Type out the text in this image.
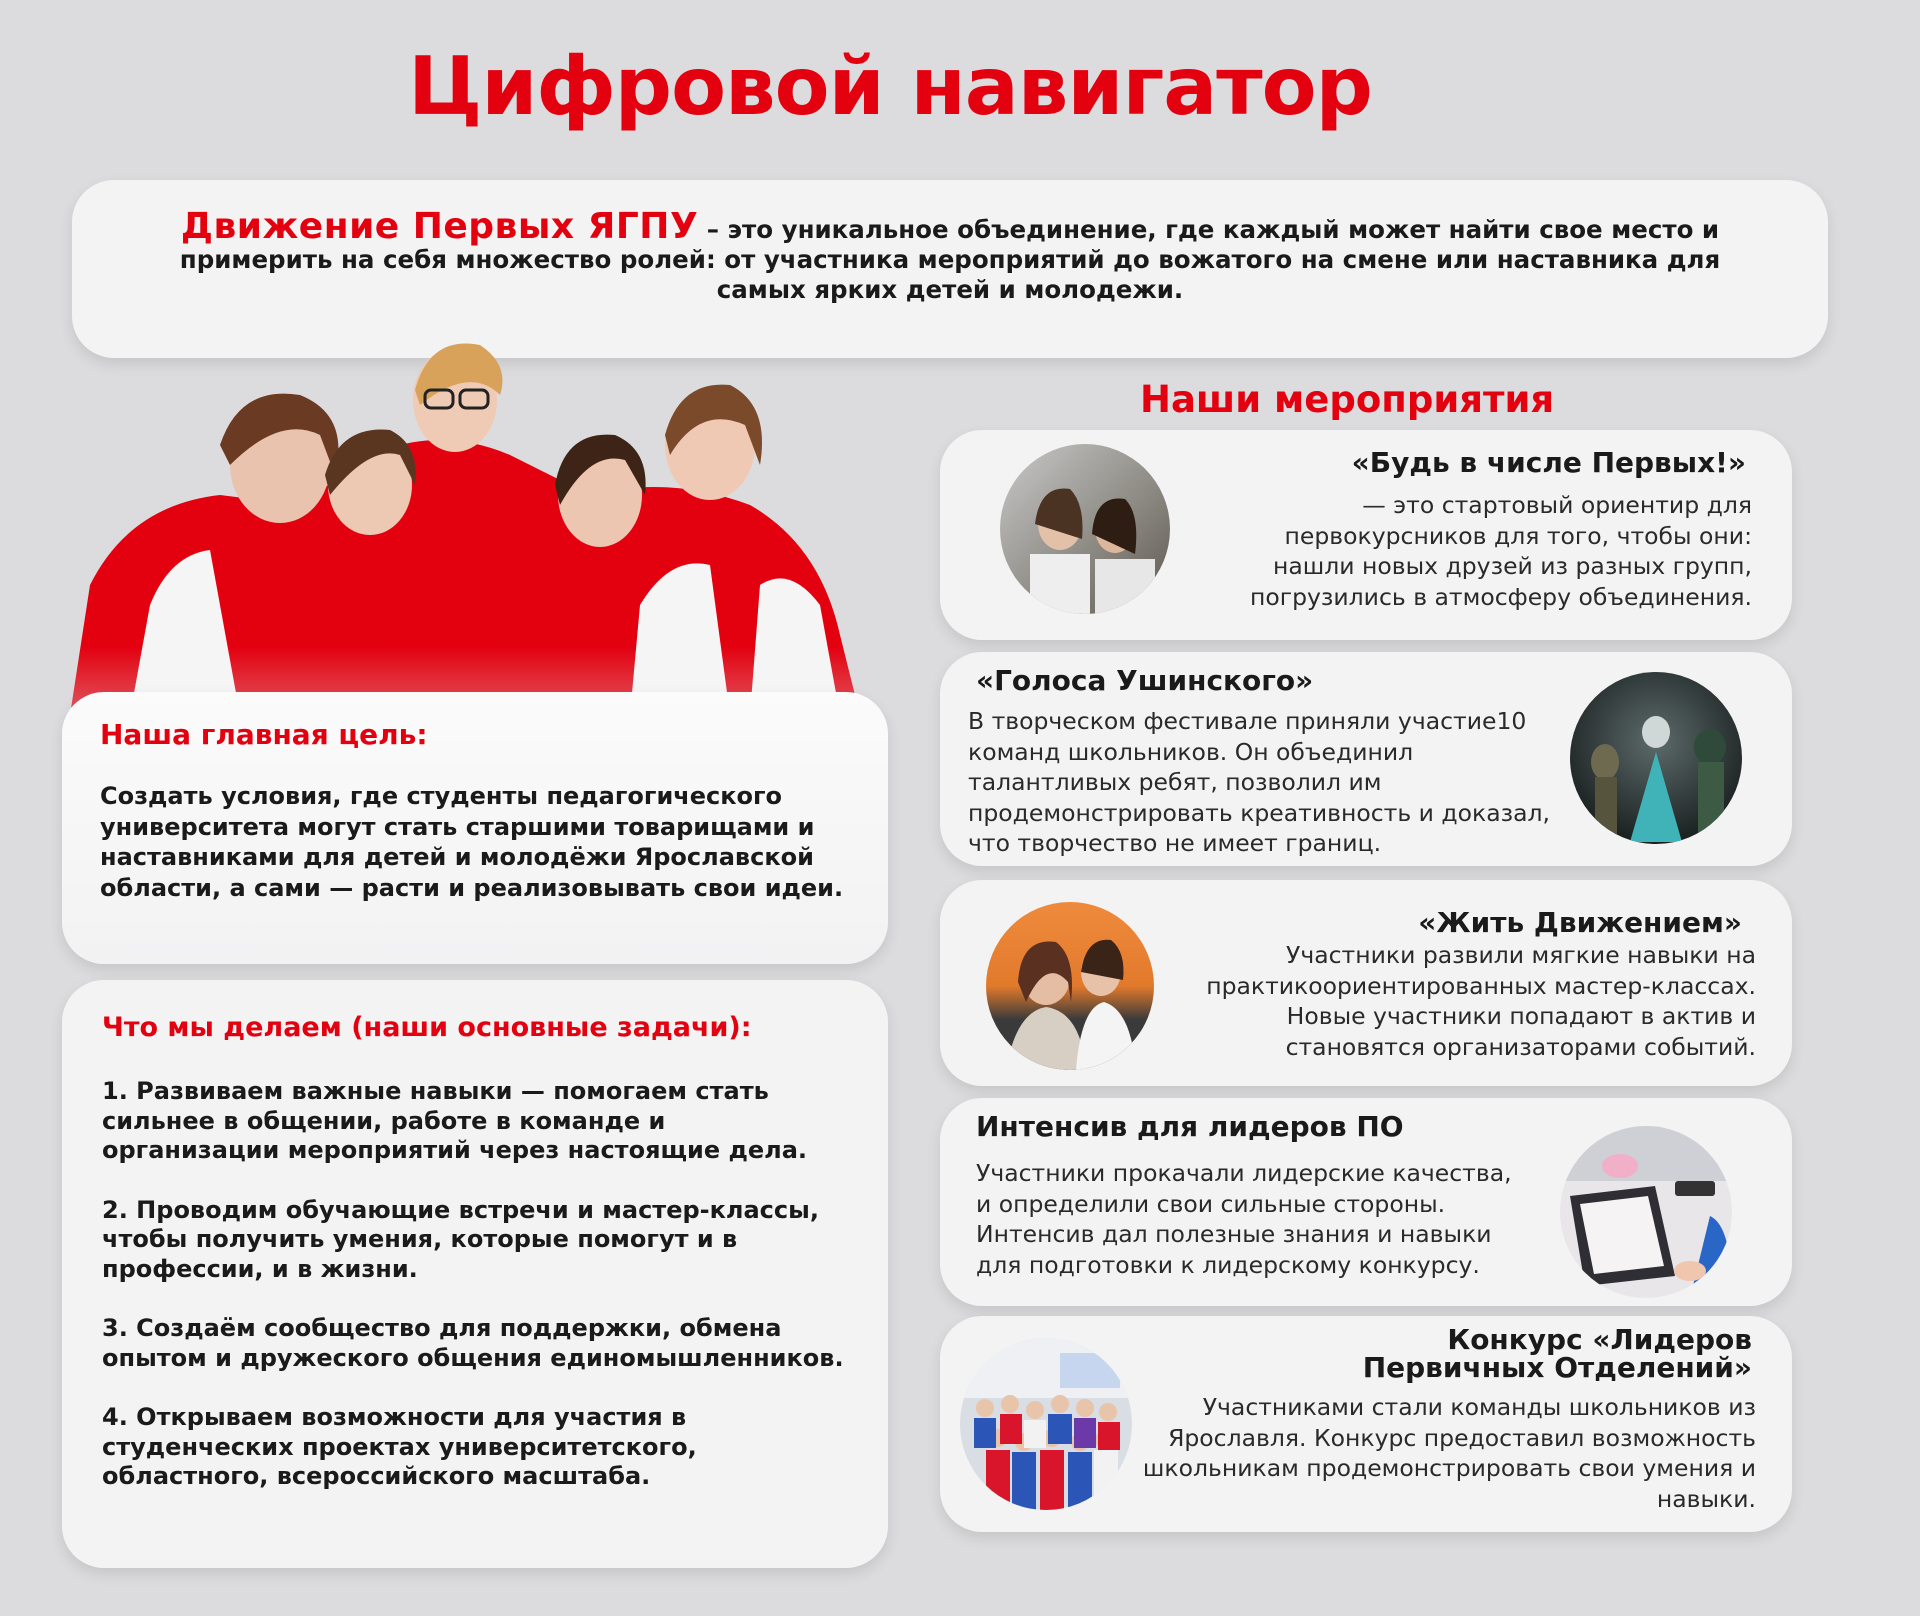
Цифровой навигатор
Движение Первых ЯГПУ – это уникальное объединение, где каждый может найти свое место и примерить на себя множество ролей: от участника мероприятий до вожатого на смене или наставника для самых ярких детей и молодежи.
Наша главная цель:

Создать условия, где студенты педагогического университета могут стать старшими товарищами и наставниками для детей и молодёжи Ярославской области, а сами — расти и реализовывать свои идеи.

Что мы делаем (наши основные задачи):
1. Развиваем важные навыки — помогаем стать сильнее в общении, работе в команде и организации мероприятий через настоящие дела.
2. Проводим обучающие встречи и мастер-классы, чтобы получить умения, которые помогут и в профессии, и в жизни.
3. Создаём сообщество для поддержки, обмена опытом и дружеского общения единомышленников.
4. Открываем возможности для участия в студенческих проектах университетского, областного, всероссийского масштаба.
Наши мероприятия
«Будь в числе Первых!»
— это стартовый ориентир для первокурсников для того, чтобы они: нашли новых друзей из разных групп, погрузились в атмосферу объединения.
«Голоса Ушинского»
В творческом фестивале приняли участие10 команд школьников. Он объединил талантливых ребят, позволил им продемонстрировать креативность и доказал, что творчество не имеет границ.
«Жить Движением»
Участники развили мягкие навыки на практикоориентированных мастер-классах. Новые участники попадают в актив и становятся организаторами событий.
Интенсив для лидеров ПО
Участники прокачали лидерские качества, и определили свои сильные стороны. Интенсив дал полезные знания и навыки для подготовки к лидерскому конкурсу.
Конкурс «Лидеров Первичных Отделений»
Участниками стали команды школьников из Ярославля. Конкурс предоставил возможность школьникам продемонстрировать свои умения и навыки.
